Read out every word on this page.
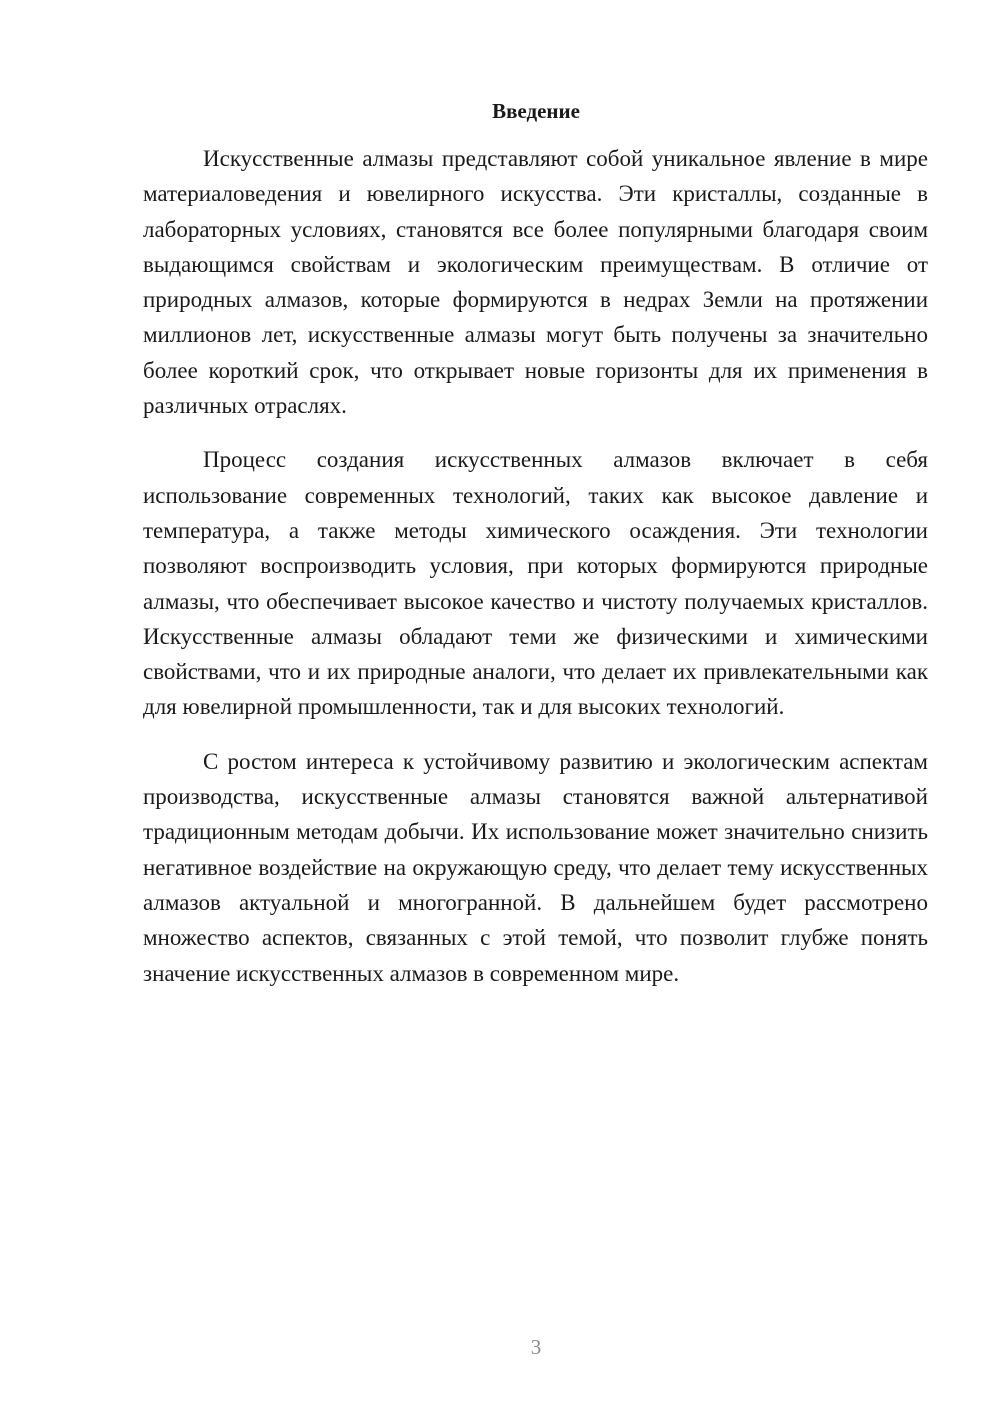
Введение

Искусственные алмазы представляют собой уникальное явление в мире материаловедения и ювелирного искусства. Эти кристаллы, созданные в лабораторных условиях, становятся все более популярными благодаря своим выдающимся свойствам и экологическим преимуществам. В отличие от природных алмазов, которые формируются в недрах Земли на протяжении миллионов лет, искусственные алмазы могут быть получены за значительно более короткий срок, что открывает новые горизонты для их применения в различных отраслях.

Процесс создания искусственных алмазов включает в себя использование современных технологий, таких как высокое давление и температура, а также методы химического осаждения. Эти технологии позволяют воспроизводить условия, при которых формируются природные алмазы, что обеспечивает высокое качество и чистоту получаемых кристаллов. Искусственные алмазы обладают теми же физическими и химическими свойствами, что и их природные аналоги, что делает их привлекательными как для ювелирной промышленности, так и для высоких технологий.

С ростом интереса к устойчивому развитию и экологическим аспектам производства, искусственные алмазы становятся важной альтернативой традиционным методам добычи. Их использование может значительно снизить негативное воздействие на окружающую среду, что делает тему искусственных алмазов актуальной и многогранной. В дальнейшем будет рассмотрено множество аспектов, связанных с этой темой, что позволит глубже понять значение искусственных алмазов в современном мире.

3
